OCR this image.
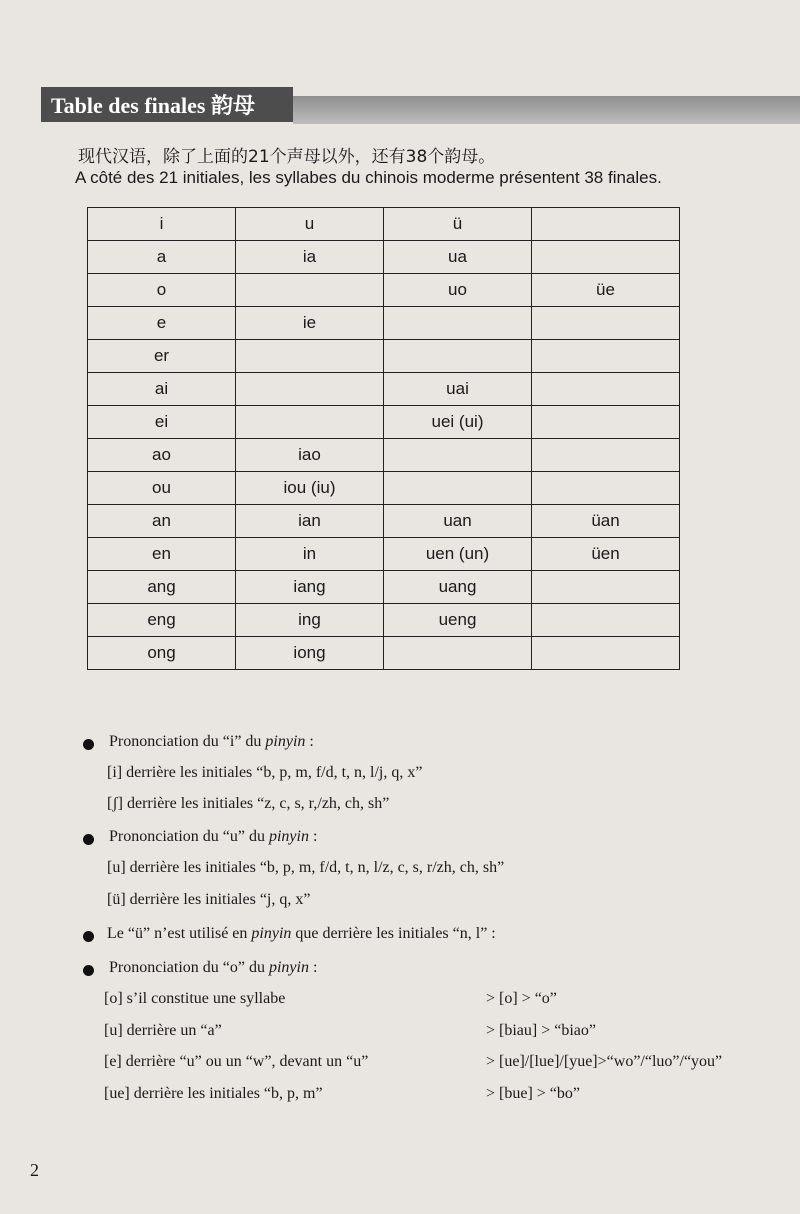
Table des finales 韵母
现代汉语，除了上面的21个声母以外，还有38个韵母。
A côté des 21 initiales, les syllabes du chinois moderme présentent 38 finales.
i	u	ü	
a	ia	ua	
o		uo	üe
e	ie		
er			
ai		uai	
ei		uei (ui)	
ao	iao		
ou	iou (iu)		
an	ian	uan	üan
en	in	uen (un)	üen
ang	iang	uang	
eng	ing	ueng	
ong	iong		
Prononciation du “i” du pinyin :
[i] derrière les initiales “b, p, m, f/d, t, n, l/j, q, x”
[ʃ] derrière les initiales “z, c, s, r,/zh, ch, sh”
Prononciation du “u” du pinyin :
[u] derrière les initiales “b, p, m, f/d, t, n, l/z, c, s, r/zh, ch, sh”
[ü] derrière les initiales “j, q, x”
Le “ü” n’est utilisé en pinyin que derrière les initiales “n, l” :
Prononciation du “o” du pinyin :
[o] s’il constitue une syllabe	> [o] > “o”
[u] derrière un “a”	> [biau] > “biao”
[e] derrière “u” ou un “w”, devant un “u”	> [ue]/[lue]/[yue]>“wo”/“luo”/“you”
[ue] derrière les initiales “b, p, m”	> [bue] > “bo”
2
